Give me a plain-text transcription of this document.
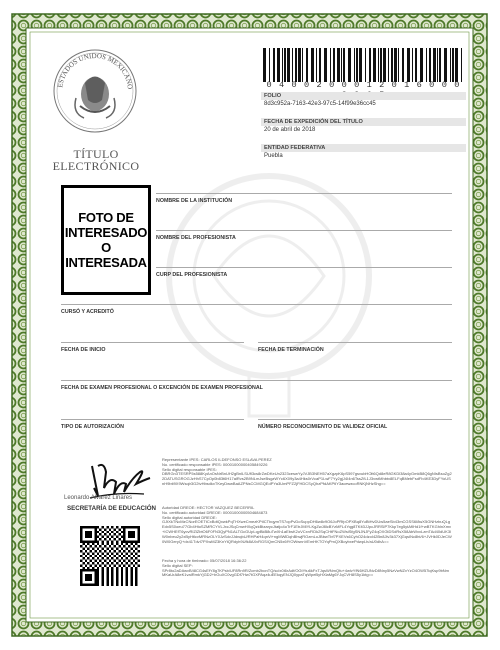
ESTADOS UNIDOS MEXICANO
TÍTULO
ELECTRÓNICO
0 4 0 0 2 0 0 0 1 2 0 1 6 0 0 0
FOLIO
8d3c952a-7163-42e3-97c5-14f99e36cc45
FECHA DE EXPEDICIÓN DEL TÍTULO
20 de abril de 2018
ENTIDAD FEDERATIVA
Puebla
FOTO DE
INTERESADO
O
INTERESADA
NOMBRE DE LA INSTITUCIÓN
NOMBRE DEL PROFESIONISTA
CURP DEL PROFESIONISTA
CURSÓ Y ACREDITÓ
FECHA DE INICIO	FECHA DE TERMINACIÓN
FECHA DE EXAMEN PROFESIONAL O EXCENCIÓN DE EXAMEN PROFESIONAL
TIPO DE AUTORIZACIÓN	NÚMERO RECONOCIMIENTO DE VALIDEZ OFICIAL
Leonardo Alvarez Linares
SECRETARÍA DE EDUCACIÓN
Representante IPES: CARLOS ILDEFONSO ESLAVA PEREZ
No. certificado responsable IPES: 00001000000405849226
Sello digital responsable IPES:
DBRGn3TESRP5s588KyAnOsNrBnUH2gBnlLSUfl3cs8rZwDKeUn2323ceswYyJVJB3NEH57aXgzpK6pS597gsvubHOlt6Qd8eR8GKDl38a4yGmkB8Q6gNIsBsoZg22DATUSGROGJzHhS7CpOp0b83t6H17alRvs2B9NLmJseBsgzWYc6X09y3a4Hks0rVcaP1LwF7Yy2gjJ4I4n6TssZfL1J3vwtMhbtx8ELFqBMebFsdFb4KE3DyFYoUSnH9bti9X9Wsqlr3G2tvHbsdkxTKeyDwwBaAZPNsCCMGQEdPYa3UmPFZ2jFHDCSyQhzPfdAKPtlY3acewzcoRNKjNHzShg==
Autoridad DREOE: HECTOR VAZQUEZ BECERRIL
No. certificado autoridad DREOE: 00001000000504684873
Sello digital autoridad DREOE:
GJtXkTNcMzCNorEOETtCxBdtQxwkPqTHXweCmezKPtICTbqymTS7opPvDoSuppDH6w8v9O6JoPRfpOPXBq8YuBtHvDUw5aeSb43mCGSS6I8wX5GNHzbuQLgEdx5S0oeu77Gb4HtoSZMRCYVLJxcJSqCmwHXqQzkBtzarycJtatjo4oTrF1EtrJMlYLKgZwJ8lcBYzMFL4Yqg8TKIt3JJpcJRRSlP7Kkp7eg5ytAfIHd1f+wBTKGhlnXmv+ICWHEfT6ycvRIZlZbtO6F0FN3QyPN1ALTGcGUpLqyBkB8uTwXh1aEbsK2oVCxnFlDk2SqCHtFNoZWsiSfgSNJNJFyZ4qOXGtDSdRsX58AbWxxLzmTAd40dUK3lW0nbeu2y2xByHtlcvMRNzOLY0JzSdvJJdnqbU/RHPaH4qnVi+ngMWlDqhBhwjROzmLoJBbwTbf7PXEVs6CyhO24dzoI42Bn8Jlv3k37XjGqsINc8ht/6+JVHk0DJeCW0W0GeryQ+dx41TdvI7PXwMZ3KnYtQRdyh9Ufk8AXvRGS/QmCN5x6fYOWwnnVEmHKTOYqPmQXBoybxePdwpLh/aU0dhA==
Fecha y hora de timbrado: 05/07/2018 16:36:22
Sello digital SEP:
SPr8to2aDAwvB/i8CG4sEfY8g7KPsb/UF8Rn9R/Zcmb2bonTQ/scIx0i6rAdf/OGtYtu6kFxTJqsWNmQfu+4wlvYfN6HZUNvD8Nny5NzVwNZvYzO4OW57iqKsp9bNmMKaUrA8eK1vaIRmkYjGD2+bGuXC0vgGDf7Hw7tGXPAqz4uEEkqyENJQ0ypaTqWpeByHXlaMg6YJqCVH8S5y1ktg==
